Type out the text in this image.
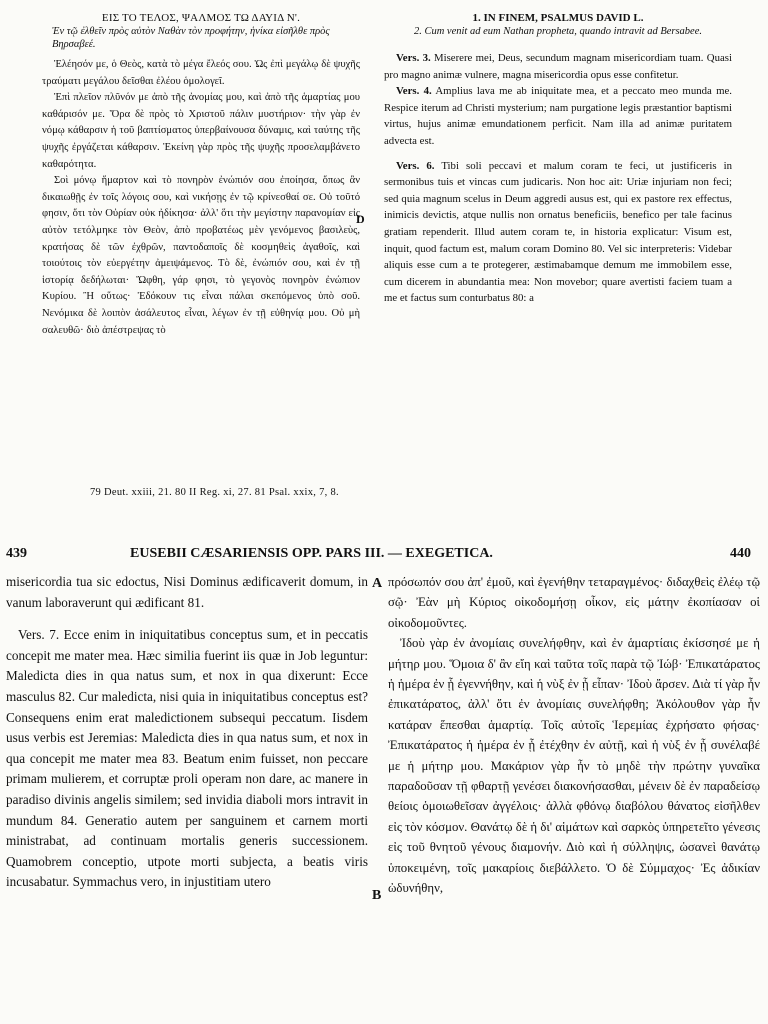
ΕΙΣ ΤΟ ΤΕΛΟΣ, ΨΑΛΜΟΣ ΤΩ ΔΑΥΙΔ Ν'.
Ἐν τῷ ἐλθεῖν πρὸς αὐτὸν Ναθὰν τὸν προφήτην, ἡνίκα εἰσῆλθε πρὸς Βηρσαβεέ.

Ἐλέησόν με, ὁ Θεὸς, κατὰ τὸ μέγα ἔλεός σου. Ὡς ἐπὶ μεγάλῳ δὲ ψυχῆς τραύματι μεγάλου δεῖσθαι ἐλέου ὁμολογεῖ.

Ἐπὶ πλεῖον πλῦνόν με ἀπὸ τῆς ἀνομίας μου, καὶ ἀπὸ τῆς ἁμαρτίας μου καθάρισόν με. Ὅρα δὲ πρὸς τὸ Χριστοῦ πάλιν μυστήριον· τὴν γὰρ ἐν νόμῳ κάθαρσιν ἡ τοῦ βαπτίσματος ὑπερβαίνουσα δύναμις, καὶ ταύτης τῆς ψυχῆς ἐργάζεται κάθαρσιν. Ἐκείνη γὰρ πρὸς τῆς ψυχῆς προσελαμβάνετο καθαρότητα.

Σοὶ μόνῳ ἥμαρτον καὶ τὸ πονηρὸν ἐνώπιόν σου ἐποίησα, ὅπως ἂν δικαιωθῇς ἐν τοῖς λόγοις σου, καὶ νικήσῃς ἐν τῷ κρίνεσθαί σε. Οὐ τοῦτό φησιν, ὅτι τὸν Οὐρίαν οὐκ ἠδίκησα· ἀλλ' ὅτι τὴν μεγίστην παρανομίαν εἰς αὐτὸν τετόλμηκε τὸν Θεὸν, ἀπὸ προβατέως μὲν γενόμενος βασιλεὺς, κρατήσας δὲ τῶν ἐχθρῶν, παντοδαποῖς δὲ κοσμηθεὶς ἀγαθοῖς, καὶ τοιούτοις τὸν εὐεργέτην ἀμειψάμενος. Τὸ δὲ, ἐνώπιόν σου, καὶ ἐν τῇ ἱστορίᾳ δεδήλωται· Ὤφθη, γάρ φησι, τὸ γεγονὸς πονηρὸν ἐνώπιον Κυρίου. Ἢ οὕτως· Ἐδόκουν τις εἶναι πάλαι σκεπόμενος ὑπὸ σοῦ. Νενόμικα δὲ λοιπὸν ἀσάλευτος εἶναι, λέγων ἐν τῇ εὐθηνίᾳ μου. Οὐ μὴ σαλευθῶ· διὸ ἀπέστρεψας τὸ

D
1. IN FINEM, PSALMUS DAVID L.
2. Cum venit ad eum Nathan propheta, quando intravit ad Bersabee.

Vers. 3. Miserere mei, Deus, secundum magnam misericordiam tuam. Quasi pro magno animæ vulnere, magna misericordia opus esse confitetur.

Vers. 4. Amplius lava me ab iniquitate mea, et a peccato meo munda me. Respice iterum ad Christi mysterium; nam purgatione legis præstantior baptismi virtus, hujus animæ emundationem perficit. Nam illa ad animæ puritatem advecta est.

Vers. 6. Tibi soli peccavi et malum coram te feci, ut justificeris in sermonibus tuis et vincas cum judicaris. Non hoc ait: Uriæ injuriam non feci; sed quia magnum scelus in Deum aggredi ausus est, qui ex pastore rex effectus, inimicis devictis, atque nullis non ornatus beneficiis, benefico per tale facinus gratiam rependerit. Illud autem coram te, in historia explicatur: Visum est, inquit, quod factum est, malum coram Domino 80. Vel sic interpreteris: Videbar aliquis esse cum a te protegerer, æstimabamque demum me immobilem esse, cum dicerem in abundantia mea: Non movebor; quare avertisti faciem tuam a me et factus sum conturbatus 80: a

79 Deut. xxiii, 21. 80 II Reg. xi, 27. 81 Psal. xxix, 7, 8.
439	EUSEBII CÆSARIENSIS OPP. PARS III. — EXEGETICA.	440

misericordia tua sic edoctus, Nisi Dominus ædificaverit domum, in vanum laboraverunt qui ædificant 81.

Vers. 7. Ecce enim in iniquitatibus conceptus sum, et in peccatis concepit me mater mea. Hæc similia fuerint iis quæ in Job leguntur: Maledicta dies in qua natus sum, et nox in qua dixerunt: Ecce masculus 82. Cur maledicta, nisi quia in iniquitatibus conceptus est? Consequens enim erat maledictionem subsequi peccatum. Iisdem usus verbis est Jeremias: Maledicta dies in qua natus sum, et nox in qua concepit me mater mea 83. Beatum enim fuisset, non peccare primam mulierem, et corruptæ proli operam non dare, ac manere in paradiso divinis angelis similem; sed invidia diaboli mors intravit in mundum 84. Generatio autem per sanguinem et carnem morti ministrabat, ad continuam mortalis generis successionem. Quamobrem conceptio, utpote morti subjecta, a beatis viris incusabatur. Symmachus vero, in injustitiam utero

A
B

πρόσωπόν σου ἀπ' ἐμοῦ, καὶ ἐγενήθην τεταραγμένος· διδαχθεὶς ἐλέῳ τῷ σῷ· Ἐὰν μὴ Κύριος οἰκοδομήσῃ οἶκον, εἰς μάτην ἐκοπίασαν οἱ οἰκοδομοῦντες.

Ἰδοὺ γὰρ ἐν ἀνομίαις συνελήφθην, καὶ ἐν ἁμαρτίαις ἐκίσσησέ με ἡ μήτηρ μου. Ὅμοια δ' ἂν εἴη καὶ ταῦτα τοῖς παρὰ τῷ Ἰώβ· Ἐπικατάρατος ἡ ἡμέρα ἐν ᾗ ἐγεννήθην, καὶ ἡ νὺξ ἐν ᾗ εἶπαν· Ἰδοὺ ἄρσεν. Διὰ τί γὰρ ἦν ἐπικατάρατος, ἀλλ' ὅτι ἐν ἀνομίαις συνελήφθη; Ἀκόλουθον γὰρ ἦν κατάραν ἕπεσθαι ἁμαρτίᾳ. Τοῖς αὐτοῖς Ἱερεμίας ἐχρήσατο φήσας· Ἐπικατάρατος ἡ ἡμέρα ἐν ᾗ ἐτέχθην ἐν αὐτῇ, καὶ ἡ νὺξ ἐν ᾗ συνέλαβέ με ἡ μήτηρ μου. Μακάριον γὰρ ἦν τὸ μηδὲ τὴν πρώτην γυναῖκα παραδοῦσαν τῇ φθαρτῇ γενέσει διακονήσασθαι, μένειν δὲ ἐν παραδείσῳ θείοις ὁμοιωθεῖσαν ἀγγέλοις· ἀλλὰ φθόνῳ διαβόλου θάνατος εἰσῆλθεν εἰς τὸν κόσμον. Θανάτῳ δὲ ἡ δι' αἱμάτων καὶ σαρκὸς ὑπηρετεῖτο γένεσις εἰς τοῦ θνητοῦ γένους διαμονήν. Διὸ καὶ ἡ σύλληψις, ὡσανεὶ θανάτῳ ὑποκειμένη, τοῖς μακαρίοις διεβάλλετο. Ὁ δὲ Σύμμαχος· Ἐς ἀδικίαν ὠδυνήθην,
